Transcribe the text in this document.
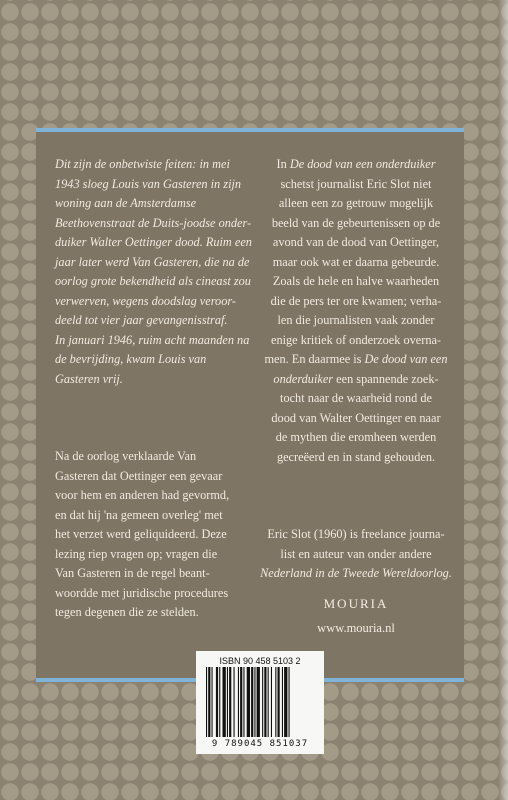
Dit zijn de onbetwiste feiten: in mei

1943 sloeg Louis van Gasteren in zijn

woning aan de Amsterdamse

Beethovenstraat de Duits-joodse onder-

duiker Walter Oettinger dood. Ruim een

jaar later werd Van Gasteren, die na de

oorlog grote bekendheid als cineast zou

verwerven, wegens doodslag veroor-

deeld tot vier jaar gevangenisstraf.

In januari 1946, ruim acht maanden na

de bevrijding, kwam Louis van

Gasteren vrij.

Na de oorlog verklaarde Van

Gasteren dat Oettinger een gevaar

voor hem en anderen had gevormd,

en dat hij 'na gemeen overleg' met

het verzet werd geliquideerd. Deze

lezing riep vragen op; vragen die

Van Gasteren in de regel beant-

woordde met juridische procedures

tegen degenen die ze stelden.

In De dood van een onderduiker

schetst journalist Eric Slot niet

alleen een zo getrouw mogelijk

beeld van de gebeurtenissen op de

avond van de dood van Oettinger,

maar ook wat er daarna gebeurde.

Zoals de hele en halve waarheden

die de pers ter ore kwamen; verha-

len die journalisten vaak zonder

enige kritiek of onderzoek overna-

men. En daarmee is De dood van een

onderduiker een spannende zoek-

tocht naar de waarheid rond de

dood van Walter Oettinger en naar

de mythen die eromheen werden

gecreëerd en in stand gehouden.

Eric Slot (1960) is freelance journa-

list en auteur van onder andere

Nederland in de Tweede Wereldoorlog.

MOURIA
www.mouria.nl
ISBN 90 458 5103 2
9 789045 851037
